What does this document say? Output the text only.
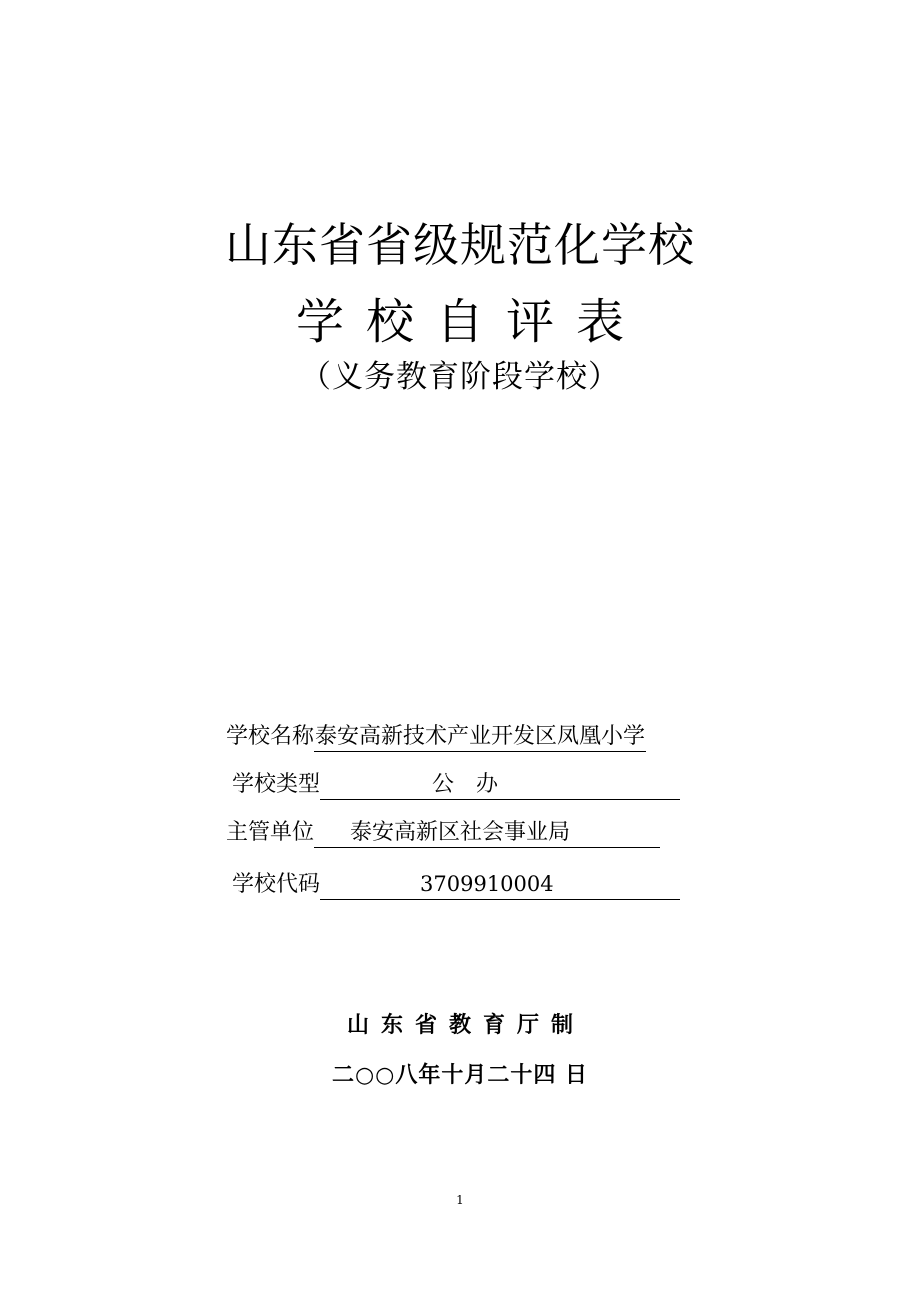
山东省省级规范化学校
学校自评表
（义务教育阶段学校）
学校名称泰安高新技术产业开发区凤凰小学
学校类型	公　办
主管单位 泰安高新区社会事业局
学校代码	3709910004
山东省教育厅制
二○○八年十月二十四 日
1
